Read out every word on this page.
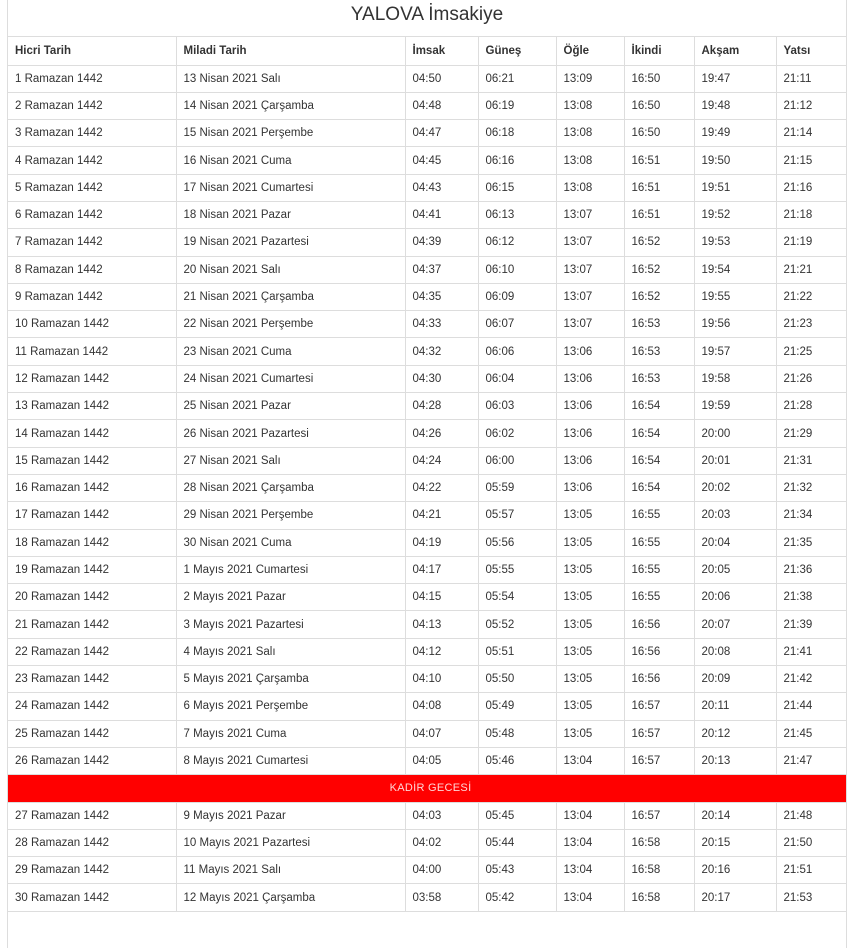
YALOVA İmsakiye
Hicri Tarih	Miladi Tarih	İmsak	Güneş	Öğle	İkindi	Akşam	Yatsı
1 Ramazan 1442	13 Nisan 2021 Salı	04:50	06:21	13:09	16:50	19:47	21:11
2 Ramazan 1442	14 Nisan 2021 Çarşamba	04:48	06:19	13:08	16:50	19:48	21:12
3 Ramazan 1442	15 Nisan 2021 Perşembe	04:47	06:18	13:08	16:50	19:49	21:14
4 Ramazan 1442	16 Nisan 2021 Cuma	04:45	06:16	13:08	16:51	19:50	21:15
5 Ramazan 1442	17 Nisan 2021 Cumartesi	04:43	06:15	13:08	16:51	19:51	21:16
6 Ramazan 1442	18 Nisan 2021 Pazar	04:41	06:13	13:07	16:51	19:52	21:18
7 Ramazan 1442	19 Nisan 2021 Pazartesi	04:39	06:12	13:07	16:52	19:53	21:19
8 Ramazan 1442	20 Nisan 2021 Salı	04:37	06:10	13:07	16:52	19:54	21:21
9 Ramazan 1442	21 Nisan 2021 Çarşamba	04:35	06:09	13:07	16:52	19:55	21:22
10 Ramazan 1442	22 Nisan 2021 Perşembe	04:33	06:07	13:07	16:53	19:56	21:23
11 Ramazan 1442	23 Nisan 2021 Cuma	04:32	06:06	13:06	16:53	19:57	21:25
12 Ramazan 1442	24 Nisan 2021 Cumartesi	04:30	06:04	13:06	16:53	19:58	21:26
13 Ramazan 1442	25 Nisan 2021 Pazar	04:28	06:03	13:06	16:54	19:59	21:28
14 Ramazan 1442	26 Nisan 2021 Pazartesi	04:26	06:02	13:06	16:54	20:00	21:29
15 Ramazan 1442	27 Nisan 2021 Salı	04:24	06:00	13:06	16:54	20:01	21:31
16 Ramazan 1442	28 Nisan 2021 Çarşamba	04:22	05:59	13:06	16:54	20:02	21:32
17 Ramazan 1442	29 Nisan 2021 Perşembe	04:21	05:57	13:05	16:55	20:03	21:34
18 Ramazan 1442	30 Nisan 2021 Cuma	04:19	05:56	13:05	16:55	20:04	21:35
19 Ramazan 1442	1 Mayıs 2021 Cumartesi	04:17	05:55	13:05	16:55	20:05	21:36
20 Ramazan 1442	2 Mayıs 2021 Pazar	04:15	05:54	13:05	16:55	20:06	21:38
21 Ramazan 1442	3 Mayıs 2021 Pazartesi	04:13	05:52	13:05	16:56	20:07	21:39
22 Ramazan 1442	4 Mayıs 2021 Salı	04:12	05:51	13:05	16:56	20:08	21:41
23 Ramazan 1442	5 Mayıs 2021 Çarşamba	04:10	05:50	13:05	16:56	20:09	21:42
24 Ramazan 1442	6 Mayıs 2021 Perşembe	04:08	05:49	13:05	16:57	20:11	21:44
25 Ramazan 1442	7 Mayıs 2021 Cuma	04:07	05:48	13:05	16:57	20:12	21:45
26 Ramazan 1442	8 Mayıs 2021 Cumartesi	04:05	05:46	13:04	16:57	20:13	21:47
KADİR GECESİ							
27 Ramazan 1442	9 Mayıs 2021 Pazar	04:03	05:45	13:04	16:57	20:14	21:48
28 Ramazan 1442	10 Mayıs 2021 Pazartesi	04:02	05:44	13:04	16:58	20:15	21:50
29 Ramazan 1442	11 Mayıs 2021 Salı	04:00	05:43	13:04	16:58	20:16	21:51
30 Ramazan 1442	12 Mayıs 2021 Çarşamba	03:58	05:42	13:04	16:58	20:17	21:53
